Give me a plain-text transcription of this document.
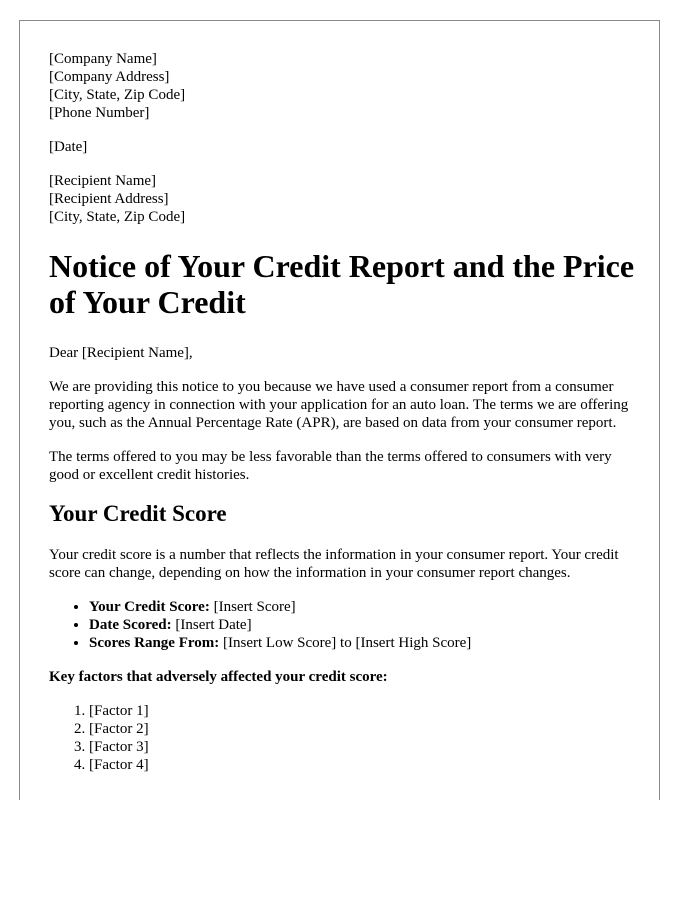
[Company Name]

[Company Address]

[City, State, Zip Code]

[Phone Number]

[Date]

[Recipient Name]

[Recipient Address]

[City, State, Zip Code]

Notice of Your Credit Report and the Price of Your Credit

Dear [Recipient Name],

We are providing this notice to you because we have used a consumer report from a consumer reporting agency in connection with your application for an auto loan. The terms we are offering you, such as the Annual Percentage Rate (APR), are based on data from your consumer report.

The terms offered to you may be less favorable than the terms offered to consumers with very good or excellent credit histories.

Your Credit Score

Your credit score is a number that reflects the information in your consumer report. Your credit score can change, depending on how the information in your consumer report changes.

• Your Credit Score: [Insert Score]
• Date Scored: [Insert Date]
• Scores Range From: [Insert Low Score] to [Insert High Score]

Key factors that adversely affected your credit score:

1. [Factor 1]
2. [Factor 2]
3. [Factor 3]
4. [Factor 4]
